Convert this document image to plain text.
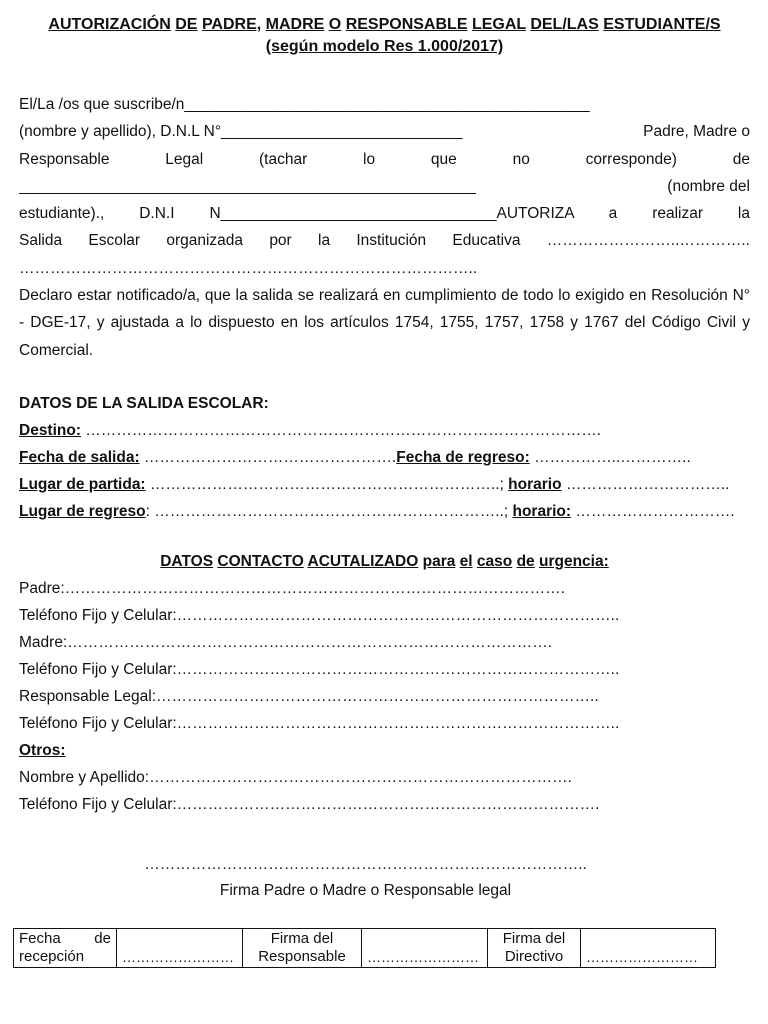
AUTORIZACIÓN DE PADRE, MADRE O RESPONSABLE LEGAL DEL/LAS ESTUDIANTE/S
(según modelo Res 1.000/2017)
El/La /os que suscribe/n_______________________________________________
(nombre y apellido), D.N.L N°____________________________	Padre, Madre o
Responsable Legal (tachar lo que no corresponde) de
_____________________________________________________	(nombre del
estudiante)., D.N.I N________________________________AUTORIZA a realizar la
Salida Escolar organizada por la Institución Educativa ……………………..…………..
……………………………………………………………………………..
Declaro estar notificado/a, que la salida se realizará en cumplimiento de todo lo exigido en Resolución N° - DGE-17, y ajustada a lo dispuesto en los artículos 1754, 1755, 1757, 1758 y 1767 del Código Civil y Comercial.
DATOS DE LA SALIDA ESCOLAR:
Destino: ……………………………………………………………………………………….
Fecha de salida: ………………………………………….Fecha de regreso: ……………..…………..
Lugar de partida: …………………………………………………………..; horario …………………………..
Lugar de regreso: …………………………………………………………..; horario: ………………………….
DATOS CONTACTO ACUTALIZADO para el caso de urgencia:
Padre:…………………………………………………………………………………….
Teléfono Fijo y Celular:…………………………………………………………………………..
Madre:………………………………………………………………………………….
Teléfono Fijo y Celular:…………………………………………………………………………..
Responsable Legal:…………………………………………………………………………..
Teléfono Fijo y Celular:…………………………………………………………………………..
Otros:
Nombre y Apellido:……………………………………………………………………….
Teléfono Fijo y Celular:……………………………………………………………………….
…………………………………………………………………………..
Firma Padre o Madre o Responsable legal
Fecha de recepción	……………………	Firma del Responsable	……………………	Firma del Directivo	……………………
